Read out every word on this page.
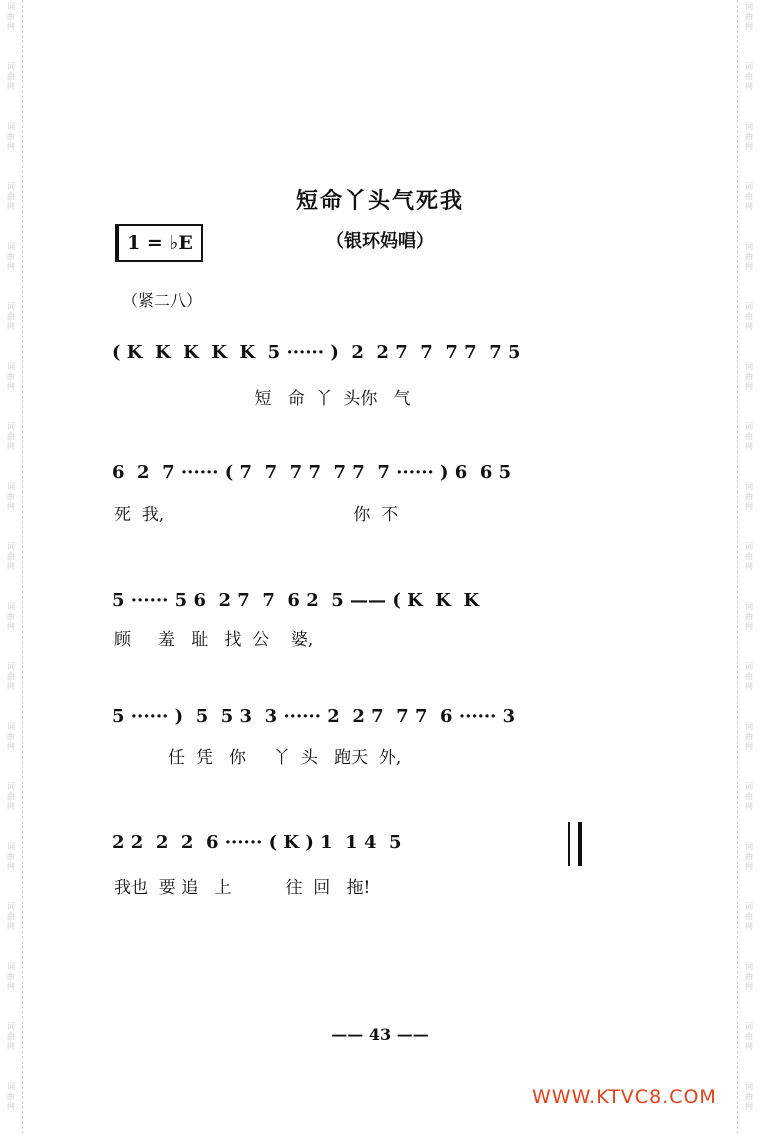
词
曲
网
词
曲
网
词
曲
网
词
曲
网
词
曲
网
词
曲
网
词
曲
网
词
曲
网
词
曲
网
词
曲
网
词
曲
网
词
曲
网
词
曲
网
词
曲
网
词
曲
网
词
曲
网
词
曲
网
词
曲
网
词
曲
网
词
曲
网
词
曲
网
词
曲
网
词
曲
网
词
曲
网
词
曲
网
词
曲
网
词
曲
网
词
曲
网
词
曲
网
词
曲
网
词
曲
网
词
曲
网
词
曲
网
词
曲
网
词
曲
网
词
曲
网
词
曲
网
词
曲
网
短命丫头气死我
（银环妈唱）
1 = ♭E
（紧二八）
( K  K  K  K  K  5 ······ )  2  2 7  7  7 7  7 5
短   命  丫  头你   气
6  2  7 ······ ( 7  7  7 7  7 7  7 ······ ) 6  6 5
死  我,                                   你  不
5 ······ 5 6  2 7  7  6 2  5 —— ( K  K  K
顾     羞   耻   找  公    婆,
5 ······ )  5  5 3  3 ······ 2  2 7  7 7  6 ······ 3
任  凭   你     丫  头   跑天  外,
2 2  2  2  6 ······ ( K ) 1  1 4  5
我也  要 追   上          往  回   拖!
—— 43 ——
WWW.KTVC8.COM
